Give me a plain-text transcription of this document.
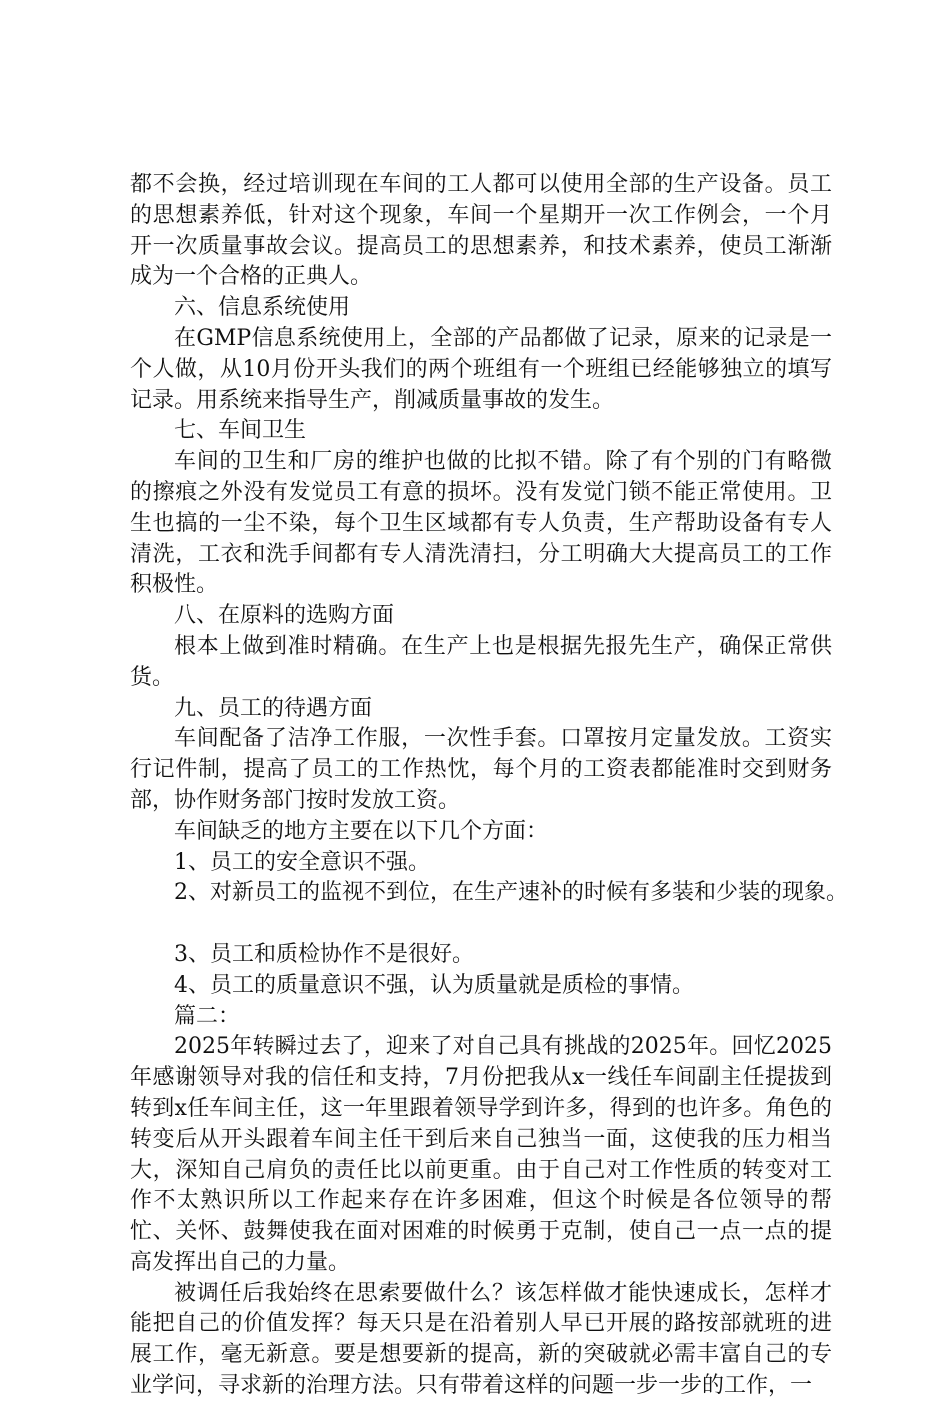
都不会换，经过培训现在车间的工人都可以使用全部的生产设备。员工的思想素养低，针对这个现象，车间一个星期开一次工作例会，一个月开一次质量事故会议。提高员工的思想素养，和技术素养，使员工渐渐成为一个合格的正典人。

六、信息系统使用

在GMP信息系统使用上，全部的产品都做了记录，原来的记录是一个人做，从10月份开头我们的两个班组有一个班组已经能够独立的填写记录。用系统来指导生产，削减质量事故的发生。

七、车间卫生

车间的卫生和厂房的维护也做的比拟不错。除了有个别的门有略微的擦痕之外没有发觉员工有意的损坏。没有发觉门锁不能正常使用。卫生也搞的一尘不染，每个卫生区域都有专人负责，生产帮助设备有专人清洗，工衣和洗手间都有专人清洗清扫，分工明确大大提高员工的工作积极性。

八、在原料的选购方面

根本上做到准时精确。在生产上也是根据先报先生产，确保正常供货。

九、员工的待遇方面

车间配备了洁净工作服，一次性手套。口罩按月定量发放。工资实行记件制，提高了员工的工作热忱，每个月的工资表都能准时交到财务部，协作财务部门按时发放工资。

车间缺乏的地方主要在以下几个方面：

1、员工的安全意识不强。

2、对新员工的监视不到位，在生产速补的时候有多装和少装的现象。

3、员工和质检协作不是很好。

4、员工的质量意识不强，认为质量就是质检的事情。

篇二：

2025年转瞬过去了，迎来了对自己具有挑战的2025年。回忆2025年感谢领导对我的信任和支持，7月份把我从x一线任车间副主任提拔到转到x任车间主任，这一年里跟着领导学到许多，得到的也许多。角色的转变后从开头跟着车间主任干到后来自己独当一面，这使我的压力相当大，深知自己肩负的责任比以前更重。由于自己对工作性质的转变对工作不太熟识所以工作起来存在许多困难，但这个时候是各位领导的帮忙、关怀、鼓舞使我在面对困难的时候勇于克制，使自己一点一点的提高发挥出自己的力量。

被调任后我始终在思索要做什么？该怎样做才能快速成长，怎样才能把自己的价值发挥？每天只是在沿着别人早已开展的路按部就班的进展工作，毫无新意。要是想要新的提高，新的突破就必需丰富自己的专业学问，寻求新的治理方法。只有带着这样的问题一步一步的工作，一
